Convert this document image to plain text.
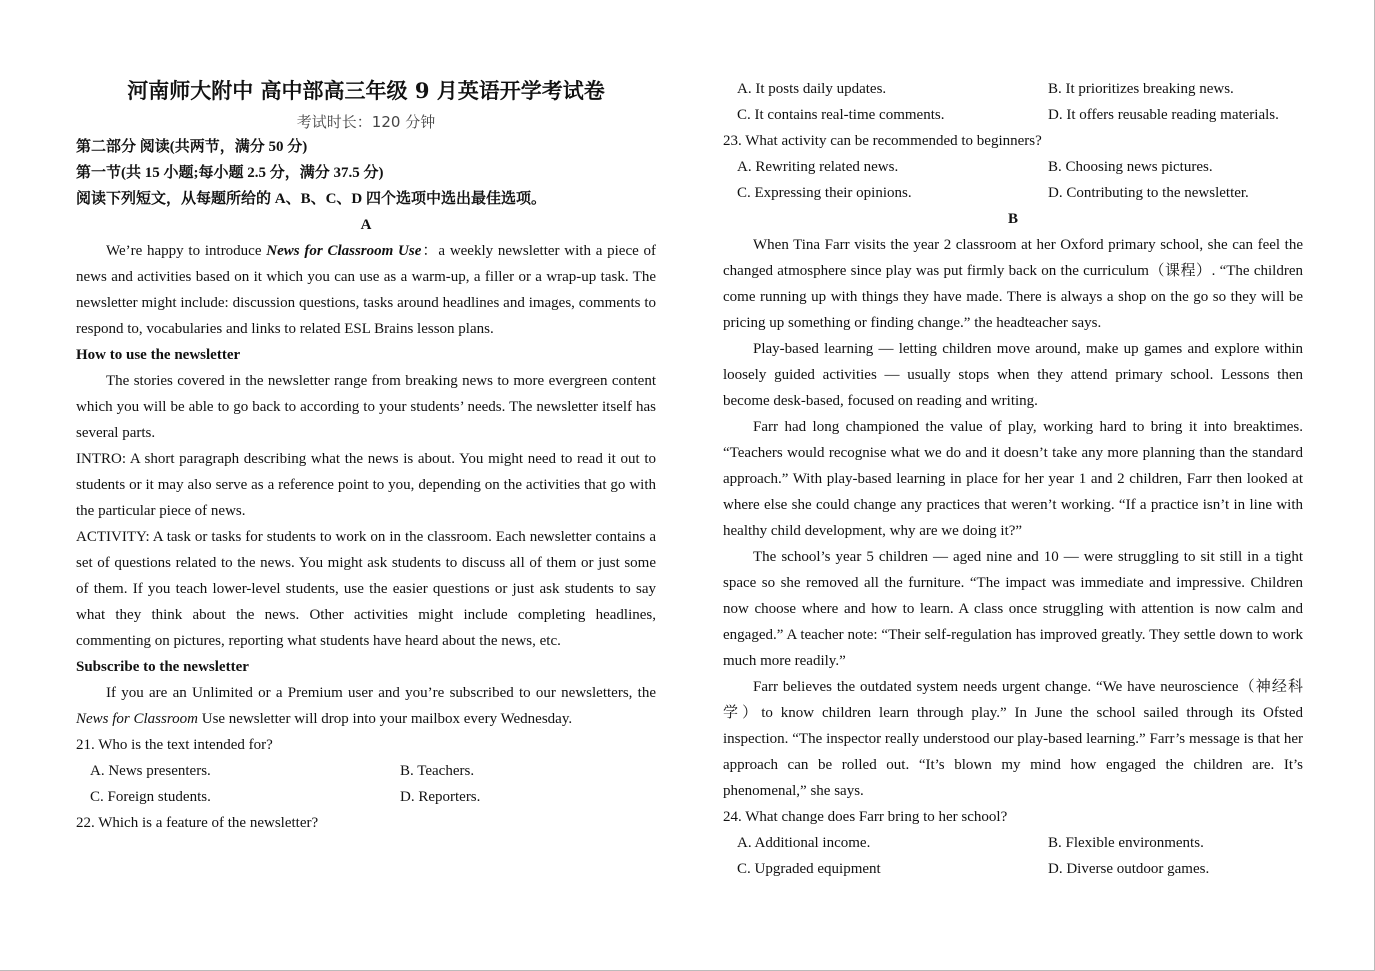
河南师大附中 高中部高三年级 9 月英语开学考试卷
考试时长：120 分钟

第二部分 阅读(共两节，满分 50 分)

第一节(共 15 小题;每小题 2.5 分，满分 37.5 分)

阅读下列短文，从每题所给的 A、B、C、D 四个选项中选出最佳选项。

A

We’re happy to introduce News for Classroom Use：a weekly newsletter with a piece of news and activities based on it which you can use as a warm-up, a filler or a wrap-up task. The newsletter might include: discussion questions, tasks around headlines and images, comments to respond to, vocabularies and links to related ESL Brains lesson plans.

How to use the newsletter

The stories covered in the newsletter range from breaking news to more evergreen content which you will be able to go back to according to your students’ needs. The newsletter itself has several parts.

INTRO: A short paragraph describing what the news is about. You might need to read it out to students or it may also serve as a reference point to you, depending on the activities that go with the particular piece of news.

ACTIVITY: A task or tasks for students to work on in the classroom. Each newsletter contains a set of questions related to the news. You might ask students to discuss all of them or just some of them. If you teach lower-level students, use the easier questions or just ask students to say what they think about the news. Other activities might include completing headlines, commenting on pictures, reporting what students have heard about the news, etc.

Subscribe to the newsletter

If you are an Unlimited or a Premium user and you’re subscribed to our newsletters, the News for Classroom Use newsletter will drop into your mailbox every Wednesday.

21. Who is the text intended for?

A. News presenters.	B. Teachers.
C. Foreign students.	D. Reporters.

22. Which is a feature of the newsletter?

A. It posts daily updates.	B. It prioritizes breaking news.
C. It contains real-time comments.	D. It offers reusable reading materials.

23. What activity can be recommended to beginners?

A. Rewriting related news.	B. Choosing news pictures.
C. Expressing their opinions.	D. Contributing to the newsletter.

B

When Tina Farr visits the year 2 classroom at her Oxford primary school, she can feel the changed atmosphere since play was put firmly back on the curriculum（课程）. “The children come running up with things they have made. There is always a shop on the go so they will be pricing up something or finding change.” the headteacher says.

Play-based learning — letting children move around, make up games and explore within loosely guided activities — usually stops when they attend primary school. Lessons then become desk-based, focused on reading and writing.

Farr had long championed the value of play, working hard to bring it into breaktimes. “Teachers would recognise what we do and it doesn’t take any more planning than the standard approach.” With play-based learning in place for her year 1 and 2 children, Farr then looked at where else she could change any practices that weren’t working. “If a practice isn’t in line with healthy child development, why are we doing it?”

The school’s year 5 children — aged nine and 10 — were struggling to sit still in a tight space so she removed all the furniture. “The impact was immediate and impressive. Children now choose where and how to learn. A class once struggling with attention is now calm and engaged.” A teacher note: “Their self-regulation has improved greatly. They settle down to work much more readily.”

Farr believes the outdated system needs urgent change. “We have neuroscience（神经科学）to know children learn through play.” In June the school sailed through its Ofsted inspection. “The inspector really understood our play-based learning.” Farr’s message is that her approach can be rolled out. “It’s blown my mind how engaged the children are. It’s phenomenal,” she says.

24. What change does Farr bring to her school?

A. Additional income.	B. Flexible environments.
C. Upgraded equipment	D. Diverse outdoor games.
